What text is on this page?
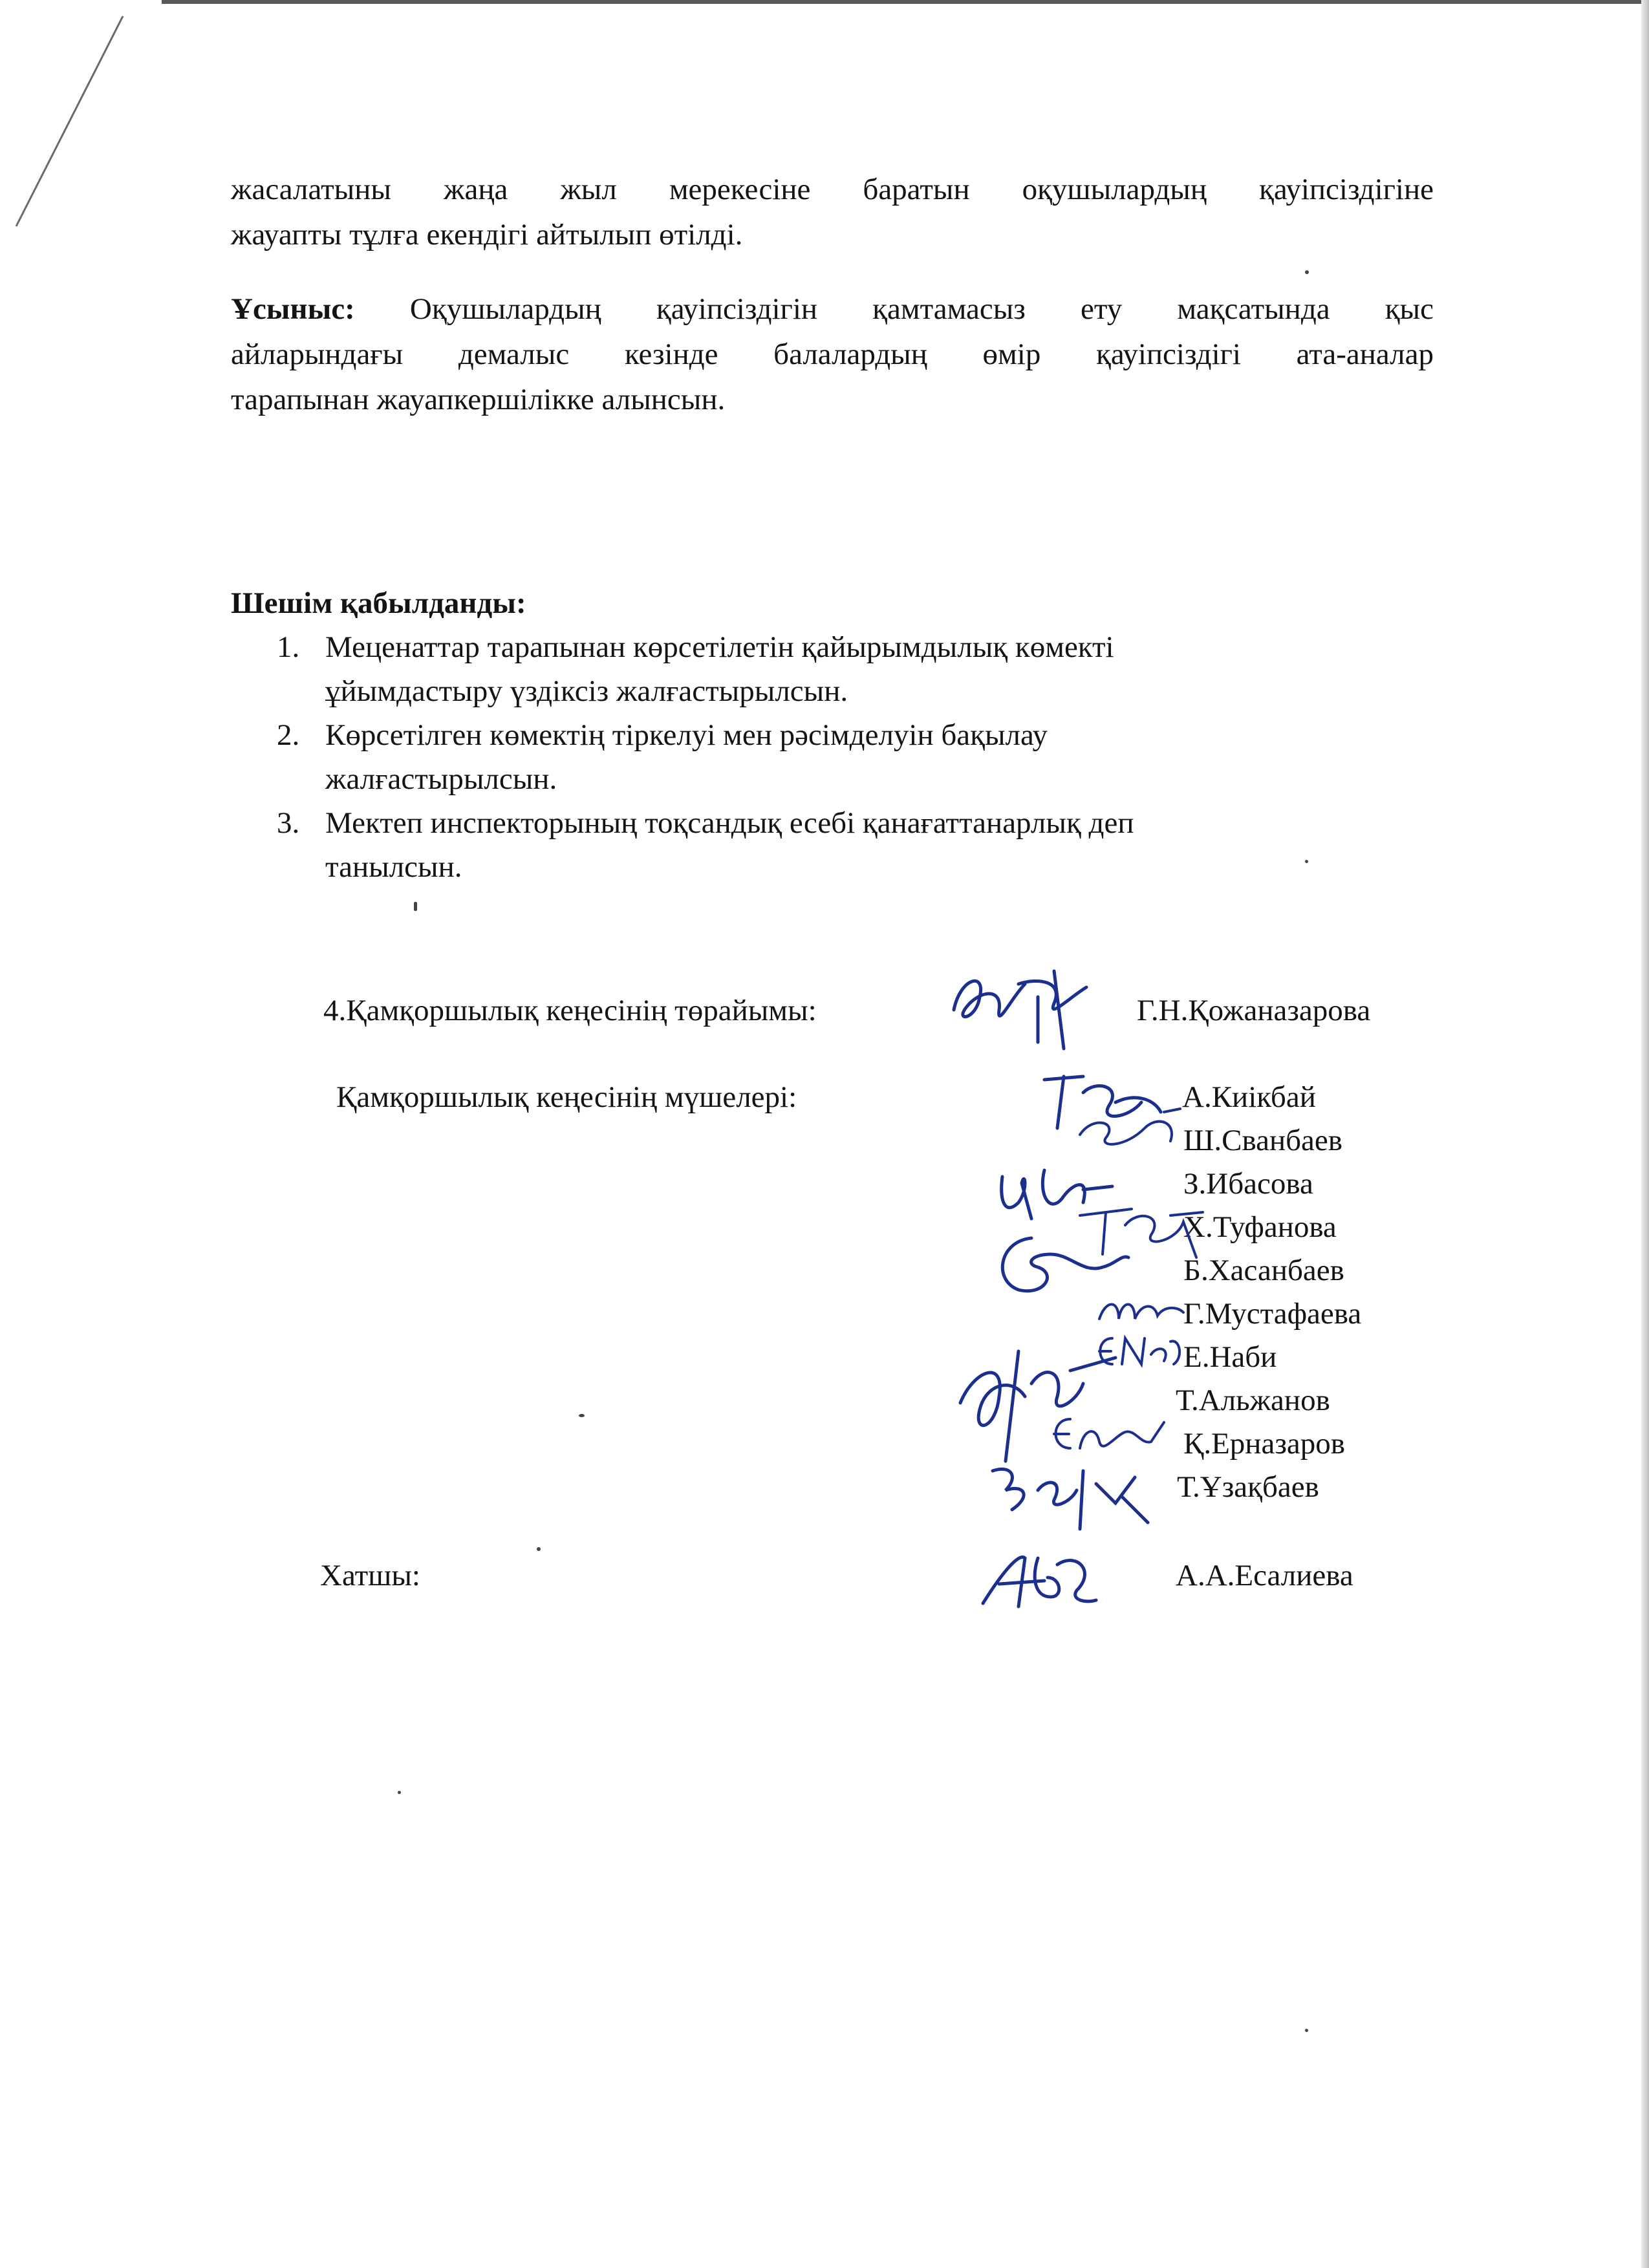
жасалатыны жаңа жыл мерекесіне баратын оқушылардың қауіпсіздігіне
жауапты тұлға екендігі айтылып өтілді.
Ұсыныс: Оқушылардың қауіпсіздігін қамтамасыз ету мақсатында қыс
айларындағы демалыс кезінде балалардың өмір қауіпсіздігі ата-аналар
тарапынан жауапкершілікке алынсын.
Шешім қабылданды:
1. Меценаттар тарапынан көрсетілетін қайырымдылық көмекті
ұйымдастыру үздіксіз жалғастырылсын.
2. Көрсетілген көмектің тіркелуі мен рәсімделуін бақылау
жалғастырылсын.
3. Мектеп инспекторының тоқсандық есебі қанағаттанарлық деп
танылсын.
4.Қамқоршылық кеңесінің төрайымы:	Г.Н.Қожаназарова
Қамқоршылық кеңесінің мүшелері:	А.Киікбай
Ш.Сванбаев
З.Ибасова
Х.Туфанова
Б.Хасанбаев
Г.Мустафаева
Е.Наби
Т.Альжанов
Қ.Ерназаров
Т.Ұзақбаев
Хатшы:	А.А.Есалиева
